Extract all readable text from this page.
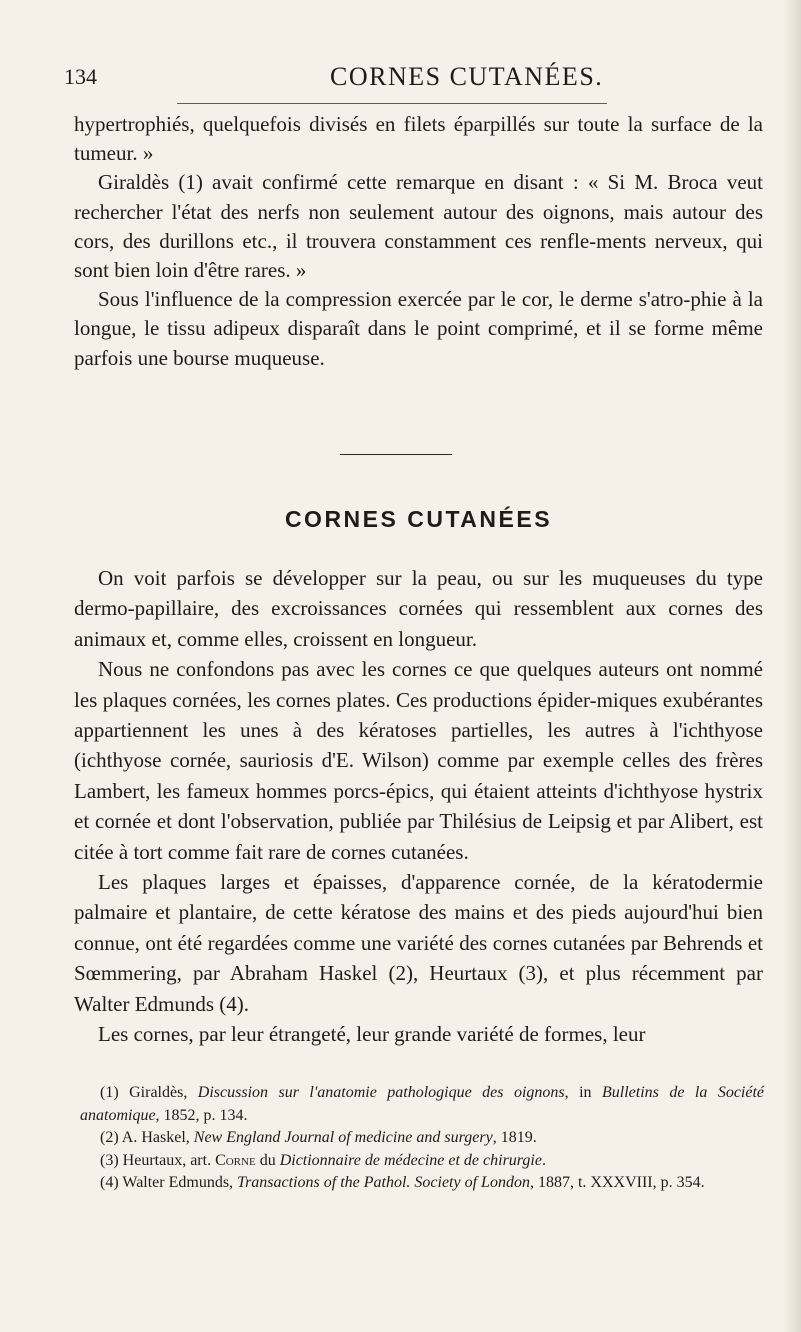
134	CORNES CUTANÉES.

hypertrophiés, quelquefois divisés en filets éparpillés sur toute la surface de la tumeur. »

Giraldès (1) avait confirmé cette remarque en disant : « Si M. Broca veut rechercher l'état des nerfs non seulement autour des oignons, mais autour des cors, des durillons etc., il trouvera constamment ces renfle-ments nerveux, qui sont bien loin d'être rares. »

Sous l'influence de la compression exercée par le cor, le derme s'atro-phie à la longue, le tissu adipeux disparaît dans le point comprimé, et il se forme même parfois une bourse muqueuse.

CORNES CUTANÉES

On voit parfois se développer sur la peau, ou sur les muqueuses du type dermo-papillaire, des excroissances cornées qui ressemblent aux cornes des animaux et, comme elles, croissent en longueur.

Nous ne confondons pas avec les cornes ce que quelques auteurs ont nommé les plaques cornées, les cornes plates. Ces productions épider-miques exubérantes appartiennent les unes à des kératoses partielles, les autres à l'ichthyose (ichthyose cornée, sauriosis d'E. Wilson) comme par exemple celles des frères Lambert, les fameux hommes porcs-épics, qui étaient atteints d'ichthyose hystrix et cornée et dont l'observation, publiée par Thilésius de Leipsig et par Alibert, est citée à tort comme fait rare de cornes cutanées.

Les plaques larges et épaisses, d'apparence cornée, de la kératodermie palmaire et plantaire, de cette kératose des mains et des pieds aujourd'hui bien connue, ont été regardées comme une variété des cornes cutanées par Behrends et Sœmmering, par Abraham Haskel (2), Heurtaux (3), et plus récemment par Walter Edmunds (4).

Les cornes, par leur étrangeté, leur grande variété de formes, leur

(1) Giraldès, Discussion sur l'anatomie pathologique des oignons, in Bulletins de la Société anatomique, 1852, p. 134.

(2) A. Haskel, New England Journal of medicine and surgery, 1819.

(3) Heurtaux, art. Corne du Dictionnaire de médecine et de chirurgie.

(4) Walter Edmunds, Transactions of the Pathol. Society of London, 1887, t. XXXVIII, p. 354.
